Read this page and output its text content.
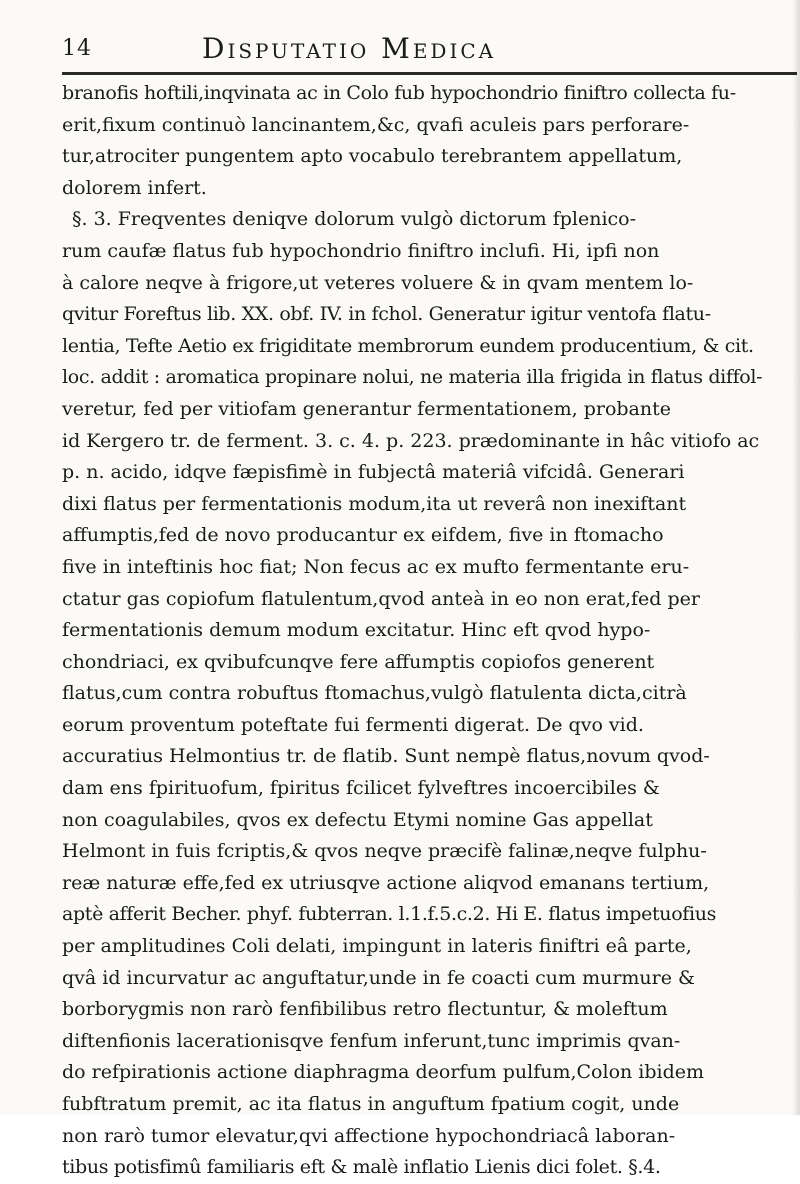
14	Disputatio Medica
branofis hoftili,inqvinata ac in Colo fub hypochondrio finiftro collecta fu-
erit,fixum continuò lancinantem,&c, qvafi aculeis pars perforare-
tur,atrociter pungentem apto vocabulo terebrantem appellatum,
dolorem infert.
§. 3. Freqventes deniqve dolorum vulgò dictorum fplenico-
rum caufæ flatus fub hypochondrio finiftro inclufi. Hi, ipfi non
à calore neqve à frigore,ut veteres voluere & in qvam mentem lo-
qvitur Foreftus lib. XX. obf. IV. in fchol. Generatur igitur ventofa flatu-
lentia, Tefte Aetio ex frigiditate membrorum eundem producentium, & cit.
loc. addit : aromatica propinare nolui, ne materia illa frigida in flatus diffol-
veretur, fed per vitiofam generantur fermentationem, probante
id Kergero tr. de ferment. 3. c. 4. p. 223. prædominante in hâc vitiofo ac
p. n. acido, idqve fæpisfimè in fubjectâ materiâ vifcidâ. Generari
dixi flatus per fermentationis modum,ita ut reverâ non inexiftant
affumptis,fed de novo producantur ex eifdem, five in ftomacho
five in inteftinis hoc fiat; Non fecus ac ex mufto fermentante eru-
ctatur gas copiofum flatulentum,qvod anteà in eo non erat,fed per
fermentationis demum modum excitatur. Hinc eft qvod hypo-
chondriaci, ex qvibufcunqve fere affumptis copiofos generent
flatus,cum contra robuftus ftomachus,vulgò flatulenta dicta,citrà
eorum proventum poteftate fui fermenti digerat. De qvo vid.
accuratius Helmontius tr. de flatib. Sunt nempè flatus,novum qvod-
dam ens fpirituofum, fpiritus fcilicet fylveftres incoercibiles &
non coagulabiles, qvos ex defectu Etymi nomine Gas appellat
Helmont in fuis fcriptis,& qvos neqve præcifè falinæ,neqve fulphu-
reæ naturæ effe,fed ex utriusqve actione aliqvod emanans tertium,
aptè afferit Becher. phyf. fubterran. l.1.f.5.c.2. Hi E. flatus impetuofius
per amplitudines Coli delati, impingunt in lateris finiftri eâ parte,
qvâ id incurvatur ac anguftatur,unde in fe coacti cum murmure &
borborygmis non rarò fenfibilibus retro flectuntur, & moleftum
diftenfionis lacerationisqve fenfum inferunt,tunc imprimis qvan-
do refpirationis actione diaphragma deorfum pulfum,Colon ibidem
fubftratum premit, ac ita flatus in anguftum fpatium cogit, unde
non rarò tumor elevatur,qvi affectione hypochondriacâ laboran-
tibus potisfimû familiaris eft & malè inflatio Lienis dici folet. §.4.
